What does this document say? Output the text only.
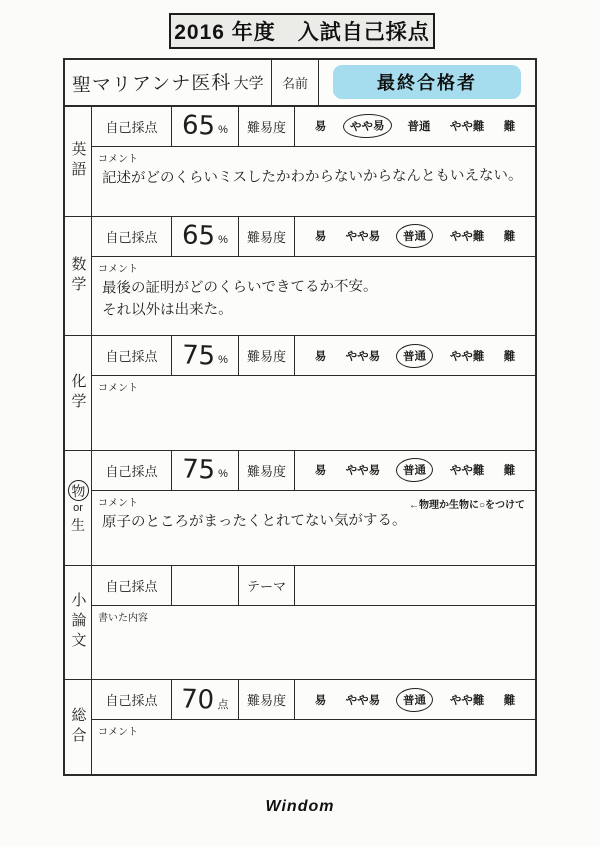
2016 年度　入試自己採点
聖マリアンナ医科 大学 名前	最終合格者
英語
自己採点 65 %	難易度	易	やや易	普通 やや難 難
コメント
記述がどのくらいミスしたかわからないからなんともいえない。
数学
自己採点 65 %	難易度	易 やや易	普通	やや難 難
コメント
最後の証明がどのくらいできてるか不安。
それ以外は出来た。
化学
自己採点 75 %	難易度	易 やや易	普通	やや難 難
コメント
物
or
生
自己採点 75 %	難易度	易 やや易	普通	やや難 難
コメント	←物理か生物に○をつけて
原子のところがまったくとれてない気がする。
小論文
自己採点	テーマ
書いた内容
総合
自己採点 70 点	難易度	易 やや易	普通	やや難 難
コメント
Windom
